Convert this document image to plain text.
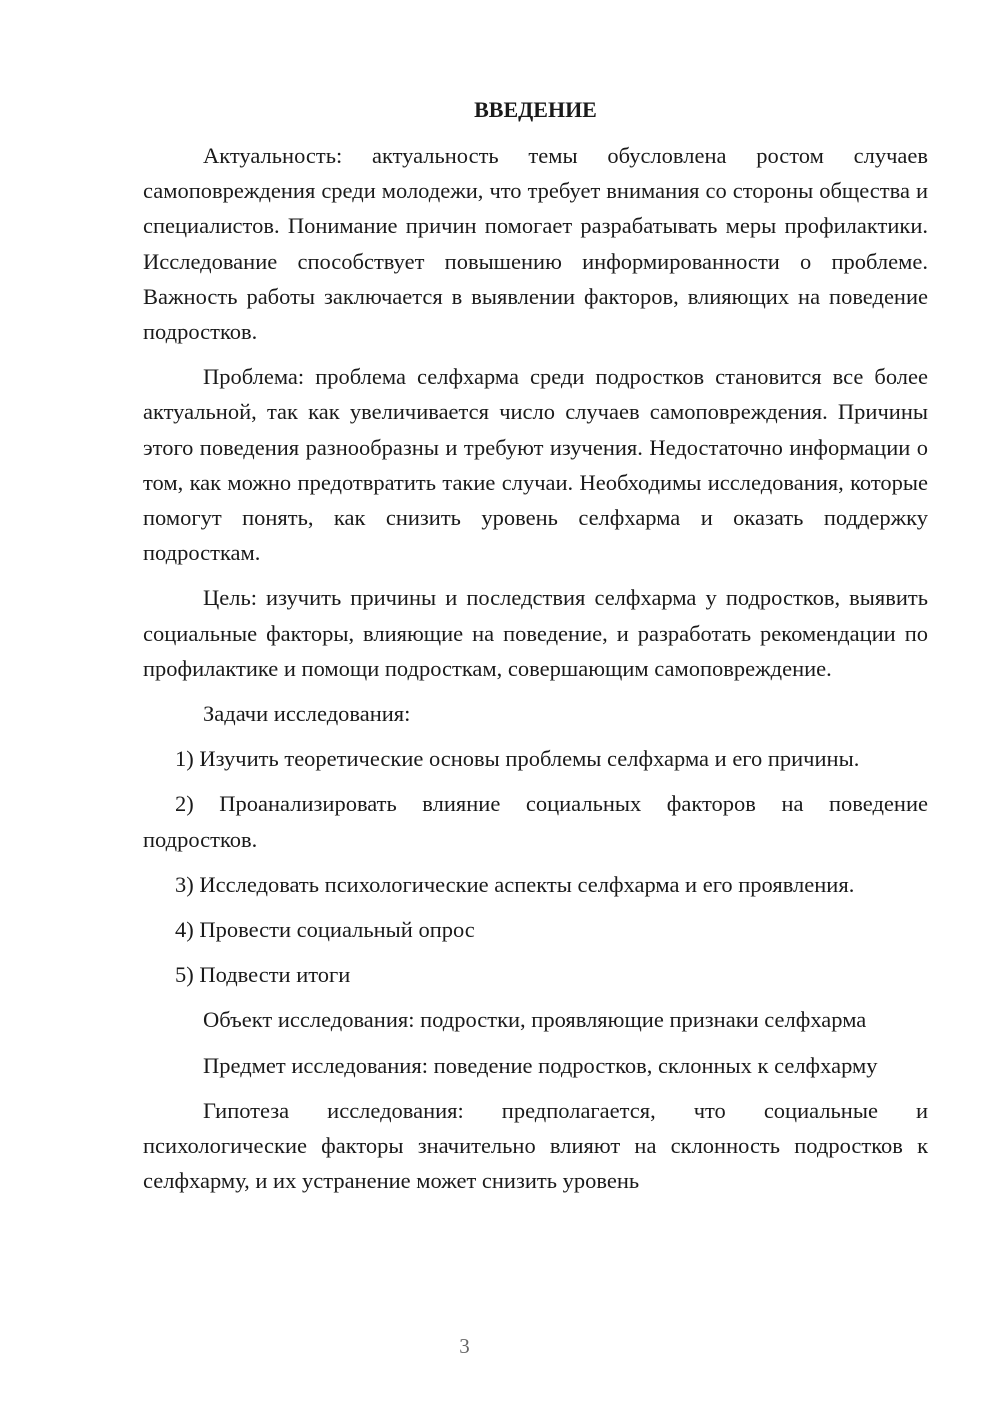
ВВЕДЕНИЕ

Актуальность: актуальность темы обусловлена ростом случаев самоповреждения среди молодежи, что требует внимания со стороны общества и специалистов. Понимание причин помогает разрабатывать меры профилактики. Исследование способствует повышению информированности о проблеме. Важность работы заключается в выявлении факторов, влияющих на поведение подростков.

Проблема: проблема селфхарма среди подростков становится все более актуальной, так как увеличивается число случаев самоповреждения. Причины этого поведения разнообразны и требуют изучения. Недостаточно информации о том, как можно предотвратить такие случаи. Необходимы исследования, которые помогут понять, как снизить уровень селфхарма и оказать поддержку подросткам.

Цель: изучить причины и последствия селфхарма у подростков, выявить социальные факторы, влияющие на поведение, и разработать рекомендации по профилактике и помощи подросткам, совершающим самоповреждение.

Задачи исследования:

1) Изучить теоретические основы проблемы селфхарма и его причины.

2) Проанализировать влияние социальных факторов на поведение подростков.

3) Исследовать психологические аспекты селфхарма и его проявления.

4) Провести социальный опрос

5) Подвести итоги

Объект исследования: подростки, проявляющие признаки селфхарма

Предмет исследования: поведение подростков, склонных к селфхарму

Гипотеза исследования: предполагается, что социальные и психологические факторы значительно влияют на склонность подростков к селфхарму, и их устранение может снизить уровень

3
